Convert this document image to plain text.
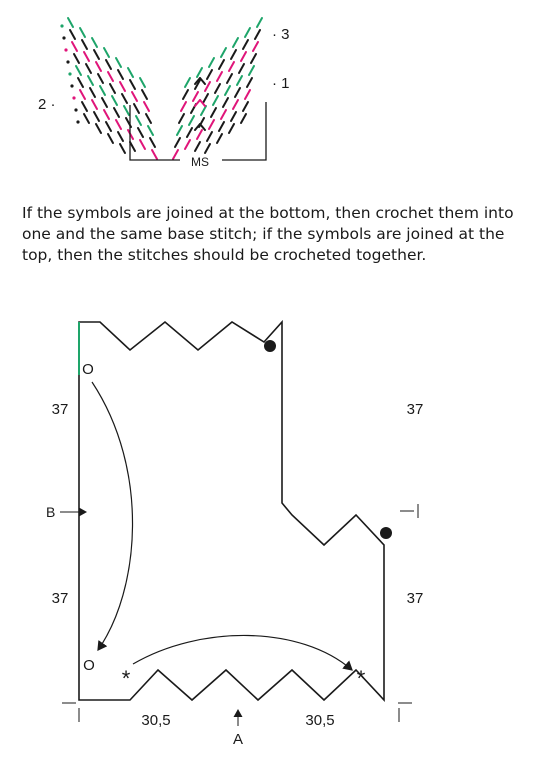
MS
2 ·
· 1
· 3

If the symbols are joined at the bottom, then crochet them into one and the same base stitch; if the symbols are joined at the top, then the stitches should be crocheted together.

37
37
37
37
B
30,5	30,5
A
O
O
*	*
